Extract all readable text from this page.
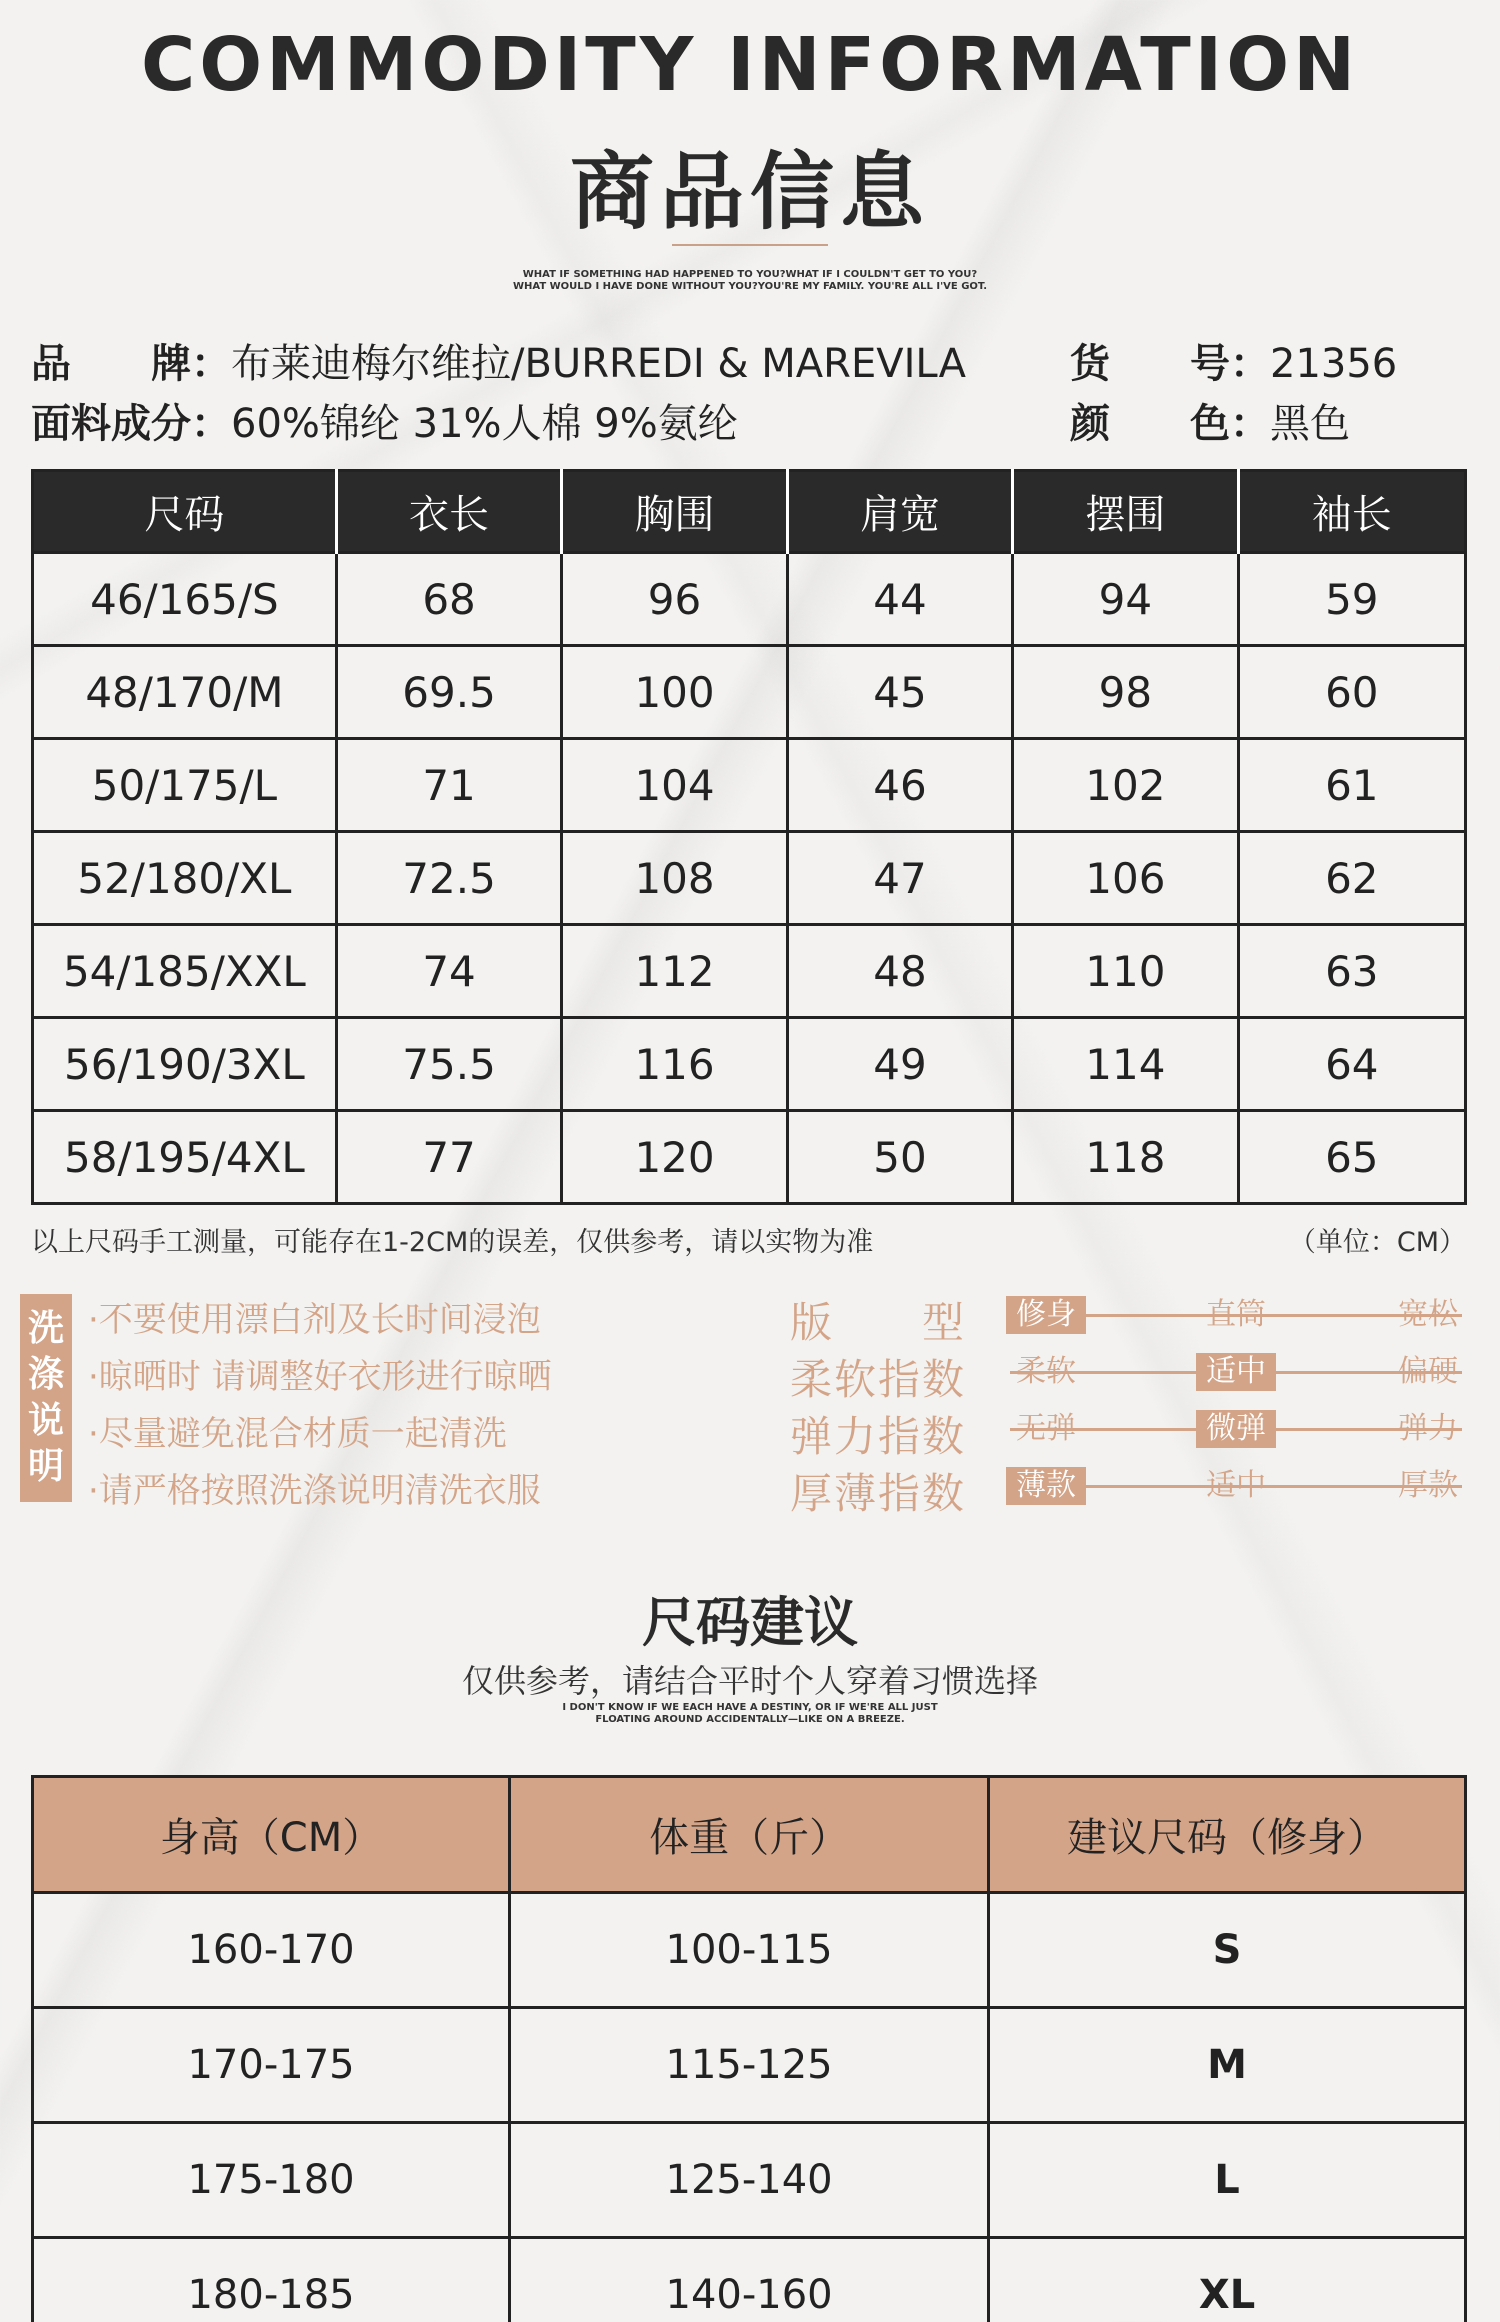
COMMODITY INFORMATION
商品信息
WHAT IF SOMETHING HAD HAPPENED TO YOU?WHAT IF I COULDN'T GET TO YOU?
WHAT WOULD I HAVE DONE WITHOUT YOU?YOU'RE MY FAMILY. YOU'RE ALL I'VE GOT.
品　　牌：布莱迪梅尔维拉/BURREDI & MAREVILA
面料成分：60%锦纶 31%人棉 9%氨纶
货　　号：21356
颜　　色：黑色
尺码	衣长	胸围	肩宽	摆围	袖长
46/165/S	68	96	44	94	59
48/170/M	69.5	100	45	98	60
50/175/L	71	104	46	102	61
52/180/XL	72.5	108	47	106	62
54/185/XXL	74	112	48	110	63
56/190/3XL	75.5	116	49	114	64
58/195/4XL	77	120	50	118	65
以上尺码手工测量，可能存在1-2CM的误差，仅供参考，请以实物为准	（单位：CM）
洗
涤
说
明
·不要使用漂白剂及长时间浸泡
·晾晒时 请调整好衣形进行晾晒
·尽量避免混合材质一起清洗
·请严格按照洗涤说明清洗衣服
版　　型	修身	直筒	宽松
柔软指数	柔软	适中	偏硬
弹力指数	无弹	微弹	弹力
厚薄指数	薄款	适中	厚款
尺码建议
仅供参考，请结合平时个人穿着习惯选择
I DON'T KNOW IF WE EACH HAVE A DESTINY, OR IF WE'RE ALL JUST
FLOATING AROUND ACCIDENTALLY—LIKE ON A BREEZE.
身高（CM）	体重（斤）	建议尺码（修身）
160-170	100-115	S
170-175	115-125	M
175-180	125-140	L
180-185	140-160	XL
